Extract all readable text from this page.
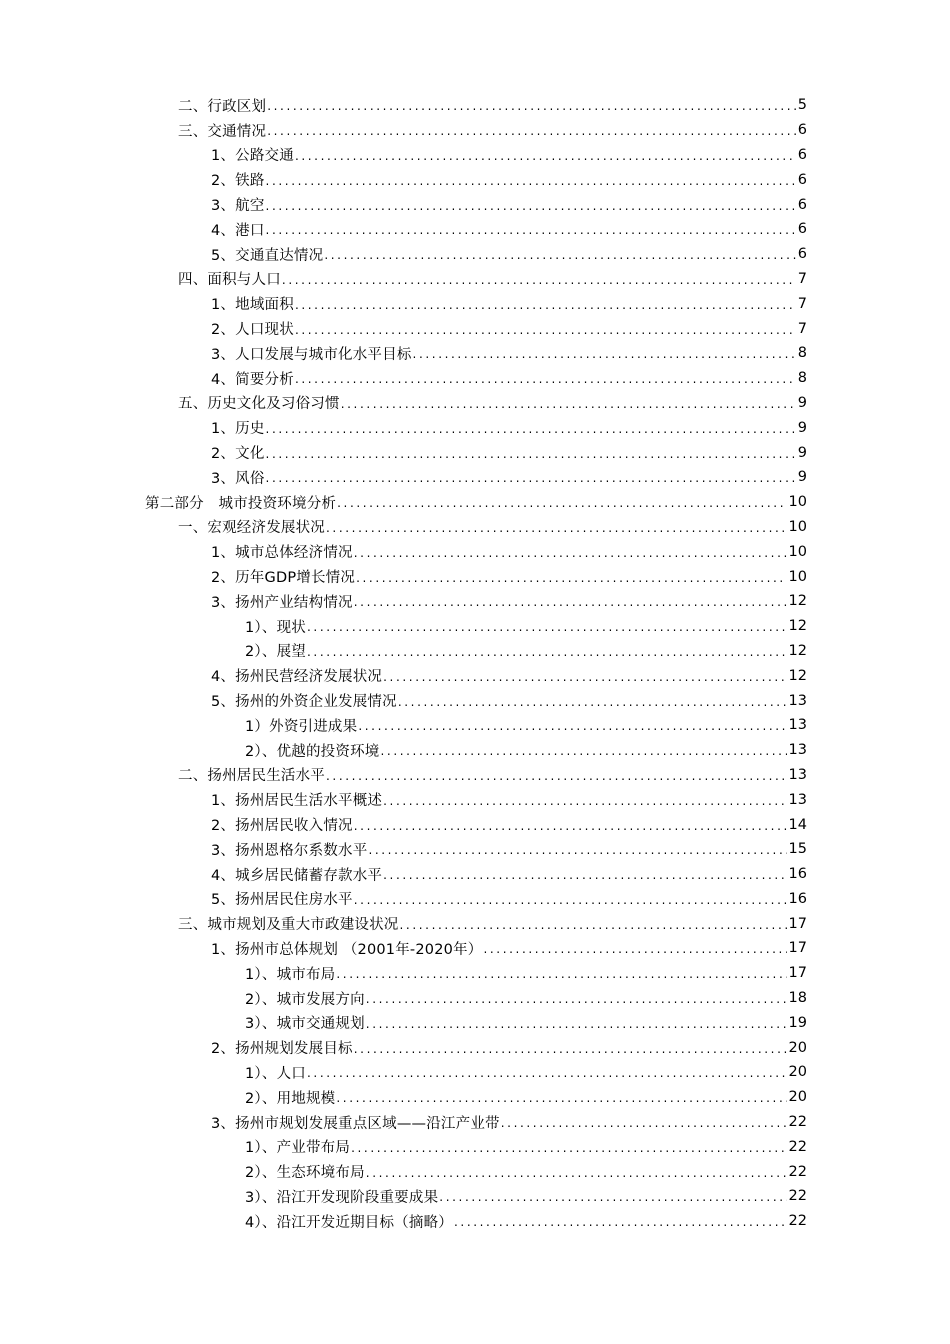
二、行政区划 .....	5
三、交通情况 .....	6
1、公路交通 .....	6
2、铁路 .....	6
3、航空 .....	6
4、港口 .....	6
5、交通直达情况 .....	6
四、面积与人口 .....	7
1、地域面积 .....	7
2、人口现状 .....	7
3、人口发展与城市化水平目标 .....	8
4、简要分析 .....	8
五、历史文化及习俗习惯 .....	9
1、历史 .....	9
2、文化 .....	9
3、风俗 .....	9
第二部分　城市投资环境分析 .....	10
一、宏观经济发展状况 .....	10
1、城市总体经济情况 .....	10
2、历年GDP增长情况 .....	10
3、扬州产业结构情况 .....	12
1）、现状 .....	12
2）、展望 .....	12
4、扬州民营经济发展状况 .....	12
5、扬州的外资企业发展情况 .....	13
1）外资引进成果 .....	13
2）、优越的投资环境 .....	13
二、扬州居民生活水平 .....	13
1、扬州居民生活水平概述 .....	13
2、扬州居民收入情况 .....	14
3、扬州恩格尔系数水平 .....	15
4、城乡居民储蓄存款水平 .....	16
5、扬州居民住房水平 .....	16
三、城市规划及重大市政建设状况 .....	17
1、扬州市总体规划 （2001年-2020年） .....	17
1）、城市布局 .....	17
2）、城市发展方向 .....	18
3）、城市交通规划 .....	19
2、扬州规划发展目标 .....	20
1）、人口 .....	20
2）、用地规模 .....	20
3、扬州市规划发展重点区域——沿江产业带 .....	22
1）、产业带布局 .....	22
2）、生态环境布局 .....	22
3）、沿江开发现阶段重要成果 .....	22
4）、沿江开发近期目标（摘略） .....	22
